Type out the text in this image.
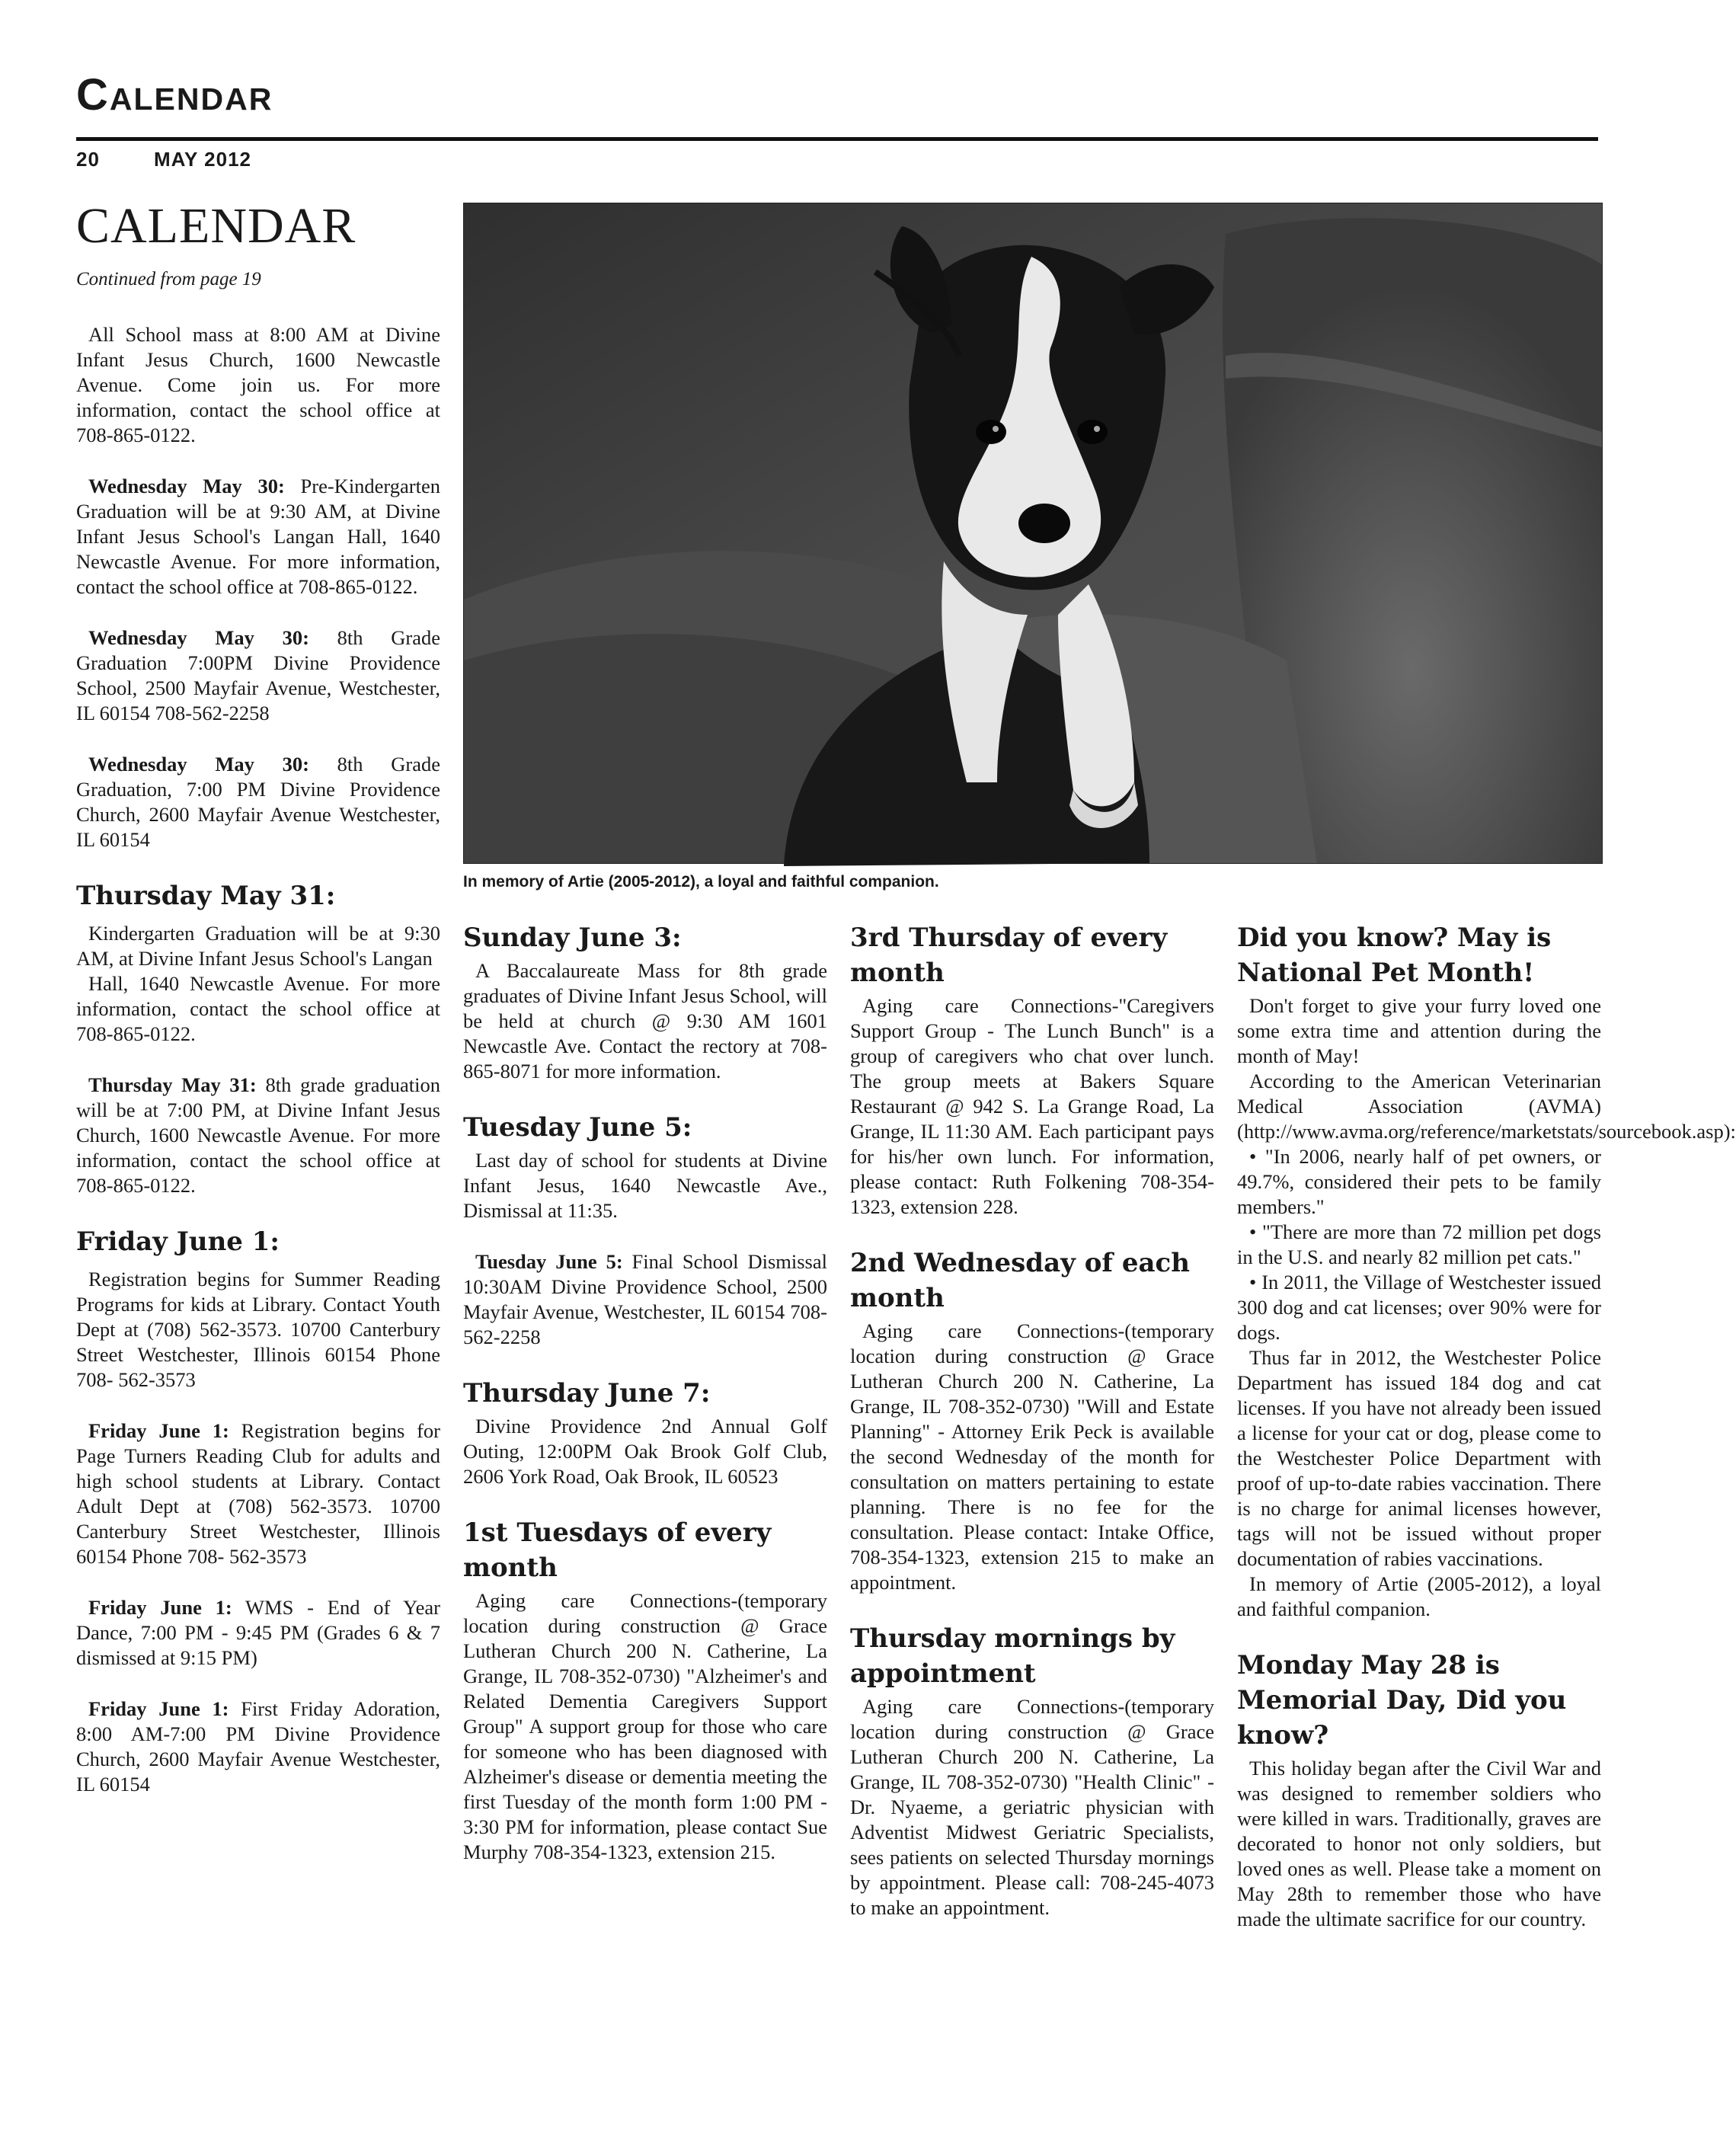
Calendar
20	MAY 2012
CALENDAR
Continued from page 19

All School mass at 8:00 AM at Divine Infant Jesus Church, 1600 Newcastle Avenue. Come join us. For more information, contact the school office at 708-865-0122.

Wednesday May 30: Pre-Kindergarten Graduation will be at 9:30 AM, at Divine Infant Jesus School's Langan Hall, 1640 Newcastle Avenue. For more information, contact the school office at 708-865-0122.

Wednesday May 30: 8th Grade Graduation 7:00PM Divine Providence School, 2500 Mayfair Avenue, Westchester, IL 60154 708-562-2258

Wednesday May 30: 8th Grade Graduation, 7:00 PM Divine Providence Church, 2600 Mayfair Avenue Westchester, IL 60154

Thursday May 31:

Kindergarten Graduation will be at 9:30 AM, at Divine Infant Jesus School's Langan

Hall, 1640 Newcastle Avenue. For more information, contact the school office at 708-865-0122.

Thursday May 31: 8th grade graduation will be at 7:00 PM, at Divine Infant Jesus Church, 1600 Newcastle Avenue. For more information, contact the school office at 708-865-0122.

Friday June 1:

Registration begins for Summer Reading Programs for kids at Library. Contact Youth Dept at (708) 562-3573. 10700 Canterbury Street Westchester, Illinois 60154 Phone 708- 562-3573

Friday June 1: Registration begins for Page Turners Reading Club for adults and high school students at Library. Contact Adult Dept at (708) 562-3573. 10700 Canterbury Street Westchester, Illinois 60154 Phone 708- 562-3573

Friday June 1: WMS - End of Year Dance, 7:00 PM - 9:45 PM (Grades 6 & 7 dismissed at 9:15 PM)

Friday June 1: First Friday Adoration, 8:00 AM-7:00 PM Divine Providence Church, 2600 Mayfair Avenue Westchester, IL 60154

In memory of Artie (2005-2012), a loyal and faithful companion.
Sunday June 3:

A Baccalaureate Mass for 8th grade graduates of Divine Infant Jesus School, will be held at church @ 9:30 AM 1601 Newcastle Ave. Contact the rectory at 708-865-8071 for more information.

Tuesday June 5:

Last day of school for students at Divine Infant Jesus, 1640 Newcastle Ave., Dismissal at 11:35.

Tuesday June 5: Final School Dismissal 10:30AM Divine Providence School, 2500 Mayfair Avenue, Westchester, IL 60154 708-562-2258

Thursday June 7:

Divine Providence 2nd Annual Golf Outing, 12:00PM Oak Brook Golf Club, 2606 York Road, Oak Brook, IL 60523

1st Tuesdays of every month

Aging care Connections-(temporary location during construction @ Grace Lutheran Church 200 N. Catherine, La Grange, IL 708-352-0730) "Alzheimer's and Related Dementia Caregivers Support Group" A support group for those who care for someone who has been diagnosed with Alzheimer's disease or dementia meeting the first Tuesday of the month form 1:00 PM - 3:30 PM for information, please contact Sue Murphy 708-354-1323, extension 215.

3rd Thursday of every month

Aging care Connections-"Caregivers Support Group - The Lunch Bunch" is a group of caregivers who chat over lunch. The group meets at Bakers Square Restaurant @ 942 S. La Grange Road, La Grange, IL 11:30 AM. Each participant pays for his/her own lunch. For information, please contact: Ruth Folkening 708-354-1323, extension 228.

2nd Wednesday of each month

Aging care Connections-(temporary location during construction @ Grace Lutheran Church 200 N. Catherine, La Grange, IL 708-352-0730) "Will and Estate Planning" - Attorney Erik Peck is available the second Wednesday of the month for consultation on matters pertaining to estate planning. There is no fee for the consultation. Please contact: Intake Office, 708-354-1323, extension 215 to make an appointment.

Thursday mornings by appointment

Aging care Connections-(temporary location during construction @ Grace Lutheran Church 200 N. Catherine, La Grange, IL 708-352-0730) "Health Clinic" - Dr. Nyaeme, a geriatric physician with Adventist Midwest Geriatric Specialists, sees patients on selected Thursday mornings by appointment. Please call: 708-245-4073 to make an appointment.

Did you know? May is National Pet Month!

Don't forget to give your furry loved one some extra time and attention during the month of May!

According to the American Veterinarian Medical Association (AVMA) (http://www.avma.org/reference/marketstats/sourcebook.asp):

• "In 2006, nearly half of pet owners, or 49.7%, considered their pets to be family members."

• "There are more than 72 million pet dogs in the U.S. and nearly 82 million pet cats."

• In 2011, the Village of Westchester issued 300 dog and cat licenses; over 90% were for dogs.

Thus far in 2012, the Westchester Police Department has issued 184 dog and cat licenses. If you have not already been issued a license for your cat or dog, please come to the Westchester Police Department with proof of up-to-date rabies vaccination. There is no charge for animal licenses however, tags will not be issued without proper documentation of rabies vaccinations.

In memory of Artie (2005-2012), a loyal and faithful companion.

Monday May 28 is Memorial Day, Did you know?

This holiday began after the Civil War and was designed to remember soldiers who were killed in wars. Traditionally, graves are decorated to honor not only soldiers, but loved ones as well. Please take a moment on May 28th to remember those who have made the ultimate sacrifice for our country.
